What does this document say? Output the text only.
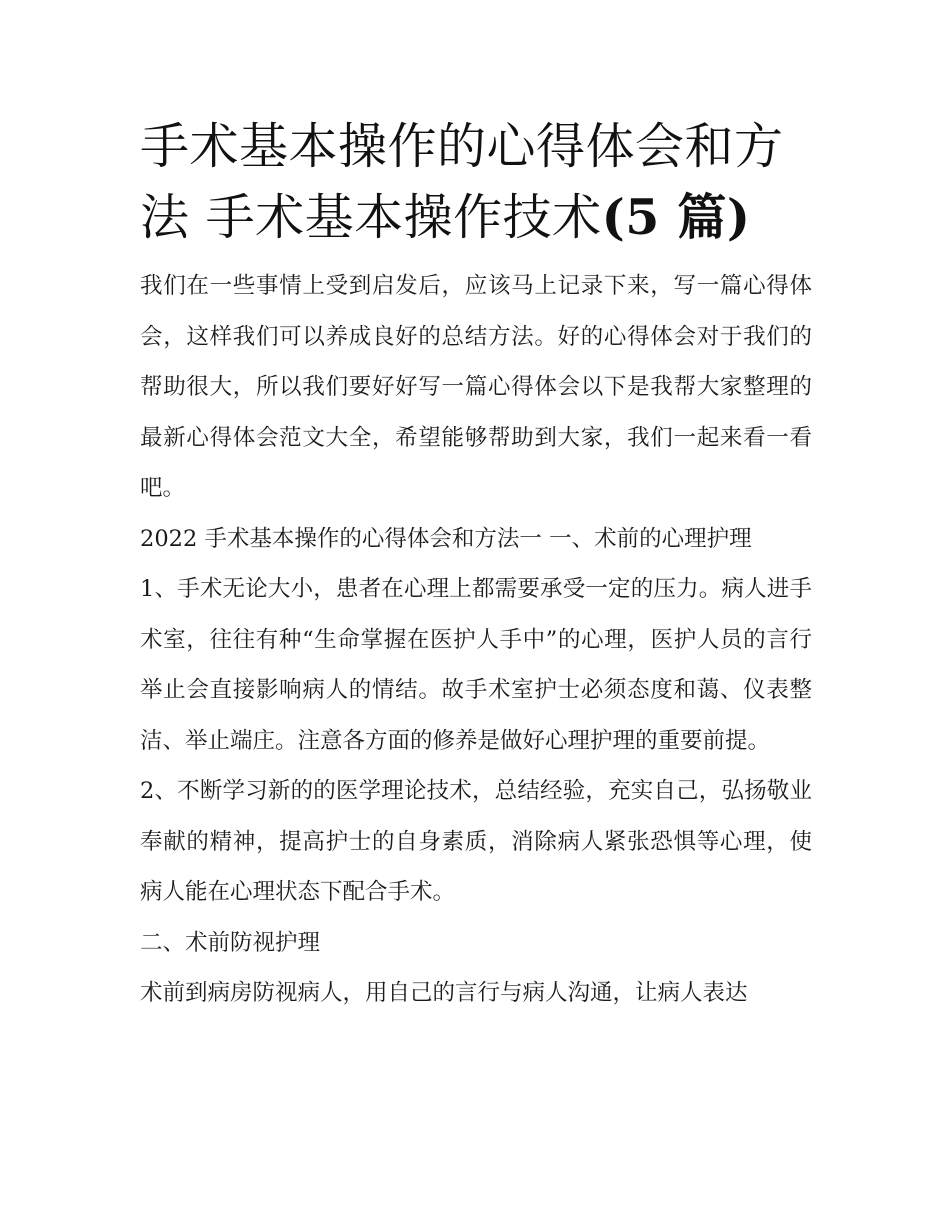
手术基本操作的心得体会和方
法 手术基本操作技术(5 篇)

我们在一些事情上受到启发后，应该马上记录下来，写一篇心得体会，这样我们可以养成良好的总结方法。好的心得体会对于我们的帮助很大，所以我们要好好写一篇心得体会以下是我帮大家整理的最新心得体会范文大全，希望能够帮助到大家，我们一起来看一看吧。

2022 手术基本操作的心得体会和方法一 一、术前的心理护理

1、手术无论大小，患者在心理上都需要承受一定的压力。病人进手术室，往往有种“生命掌握在医护人手中”的心理，医护人员的言行举止会直接影响病人的情结。故手术室护士必须态度和蔼、仪表整洁、举止端庄。注意各方面的修养是做好心理护理的重要前提。

2、不断学习新的的医学理论技术，总结经验，充实自己，弘扬敬业奉献的精神，提高护士的自身素质，消除病人紧张恐惧等心理，使病人能在心理状态下配合手术。

二、术前防视护理

术前到病房防视病人，用自己的言行与病人沟通，让病人表达
